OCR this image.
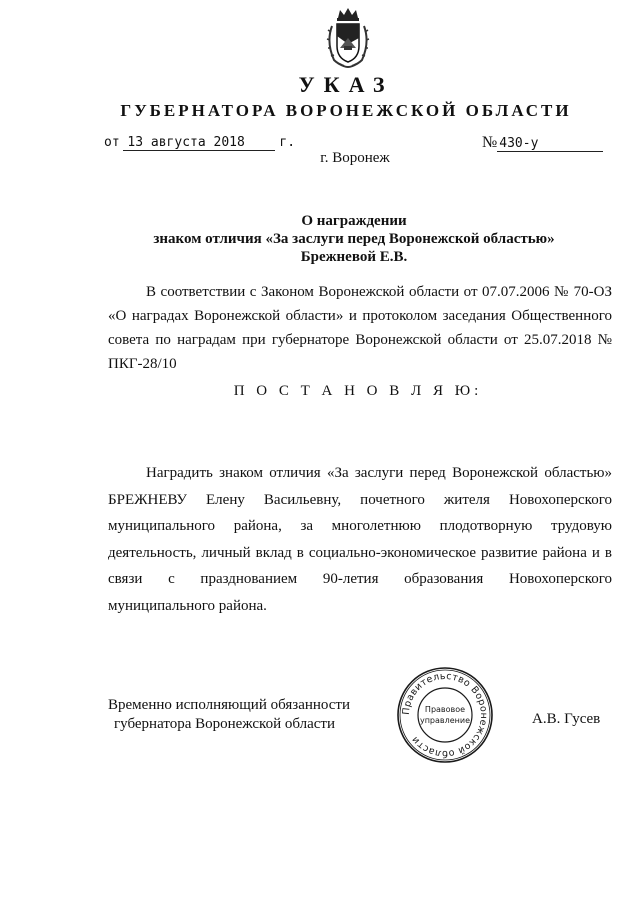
УКАЗ
ГУБЕРНАТОРА ВОРОНЕЖСКОЙ ОБЛАСТИ
от 13 августа 2018	г.	№ 430-у
г. Воронеж
О награждении
знаком отличия «За заслуги перед Воронежской областью»
Брежневой Е.В.

В соответствии с Законом Воронежской области от 07.07.2006 № 70-ОЗ «О наградах Воронежской области» и протоколом заседания Общественного совета по наградам при губернаторе Воронежской области от 25.07.2018 № ПКГ-28/10

П О С Т А Н О В Л Я Ю:

Наградить знаком отличия «За заслуги перед Воронежской областью» БРЕЖНЕВУ Елену Васильевну, почетного жителя Новохоперского муниципального района, за многолетнюю плодотворную трудовую деятельность, личный вклад в социально-экономическое развитие района и в связи с празднованием 90-летия образования Новохоперского муниципального района.

Временно исполняющий обязанности
губернатора Воронежской области
Правительство Воронежской области
Правовое
управление	А.В. Гусев
